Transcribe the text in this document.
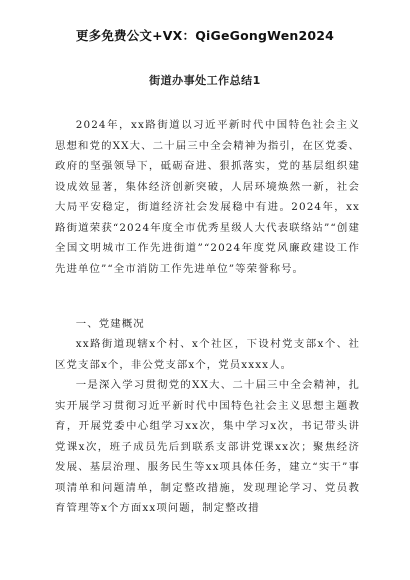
更多免费公文+VX：QiGeGongWen2024
街道办事处工作总结1

2024年，xx路街道以习近平新时代中国特色社会主义思想和党的XX大、二十届三中全会精神为指引，在区党委、政府的坚强领导下，砥砺奋进、狠抓落实，党的基层组织建设成效显著，集体经济创新突破，人居环境焕然一新，社会大局平安稳定，街道经济社会发展稳中有进。2024年，xx路街道荣获“2024年度全市优秀星级人大代表联络站”“创建全国文明城市工作先进街道”“2024年度党风廉政建设工作先进单位”“全市消防工作先进单位”等荣誉称号。

一、党建概况

xx路街道现辖x个村、x个社区，下设村党支部x个、社区党支部x个，非公党支部x个，党员xxxx人。

一是深入学习贯彻党的XX大、二十届三中全会精神，扎实开展学习贯彻习近平新时代中国特色社会主义思想主题教育，开展党委中心组学习xx次，集中学习x次，书记带头讲党课x次，班子成员先后到联系支部讲党课xx次；聚焦经济发展、基层治理、服务民生等xx项具体任务，建立“实干”事项清单和问题清单，制定整改措施，发现理论学习、党员教育管理等x个方面xx项问题，制定整改措
